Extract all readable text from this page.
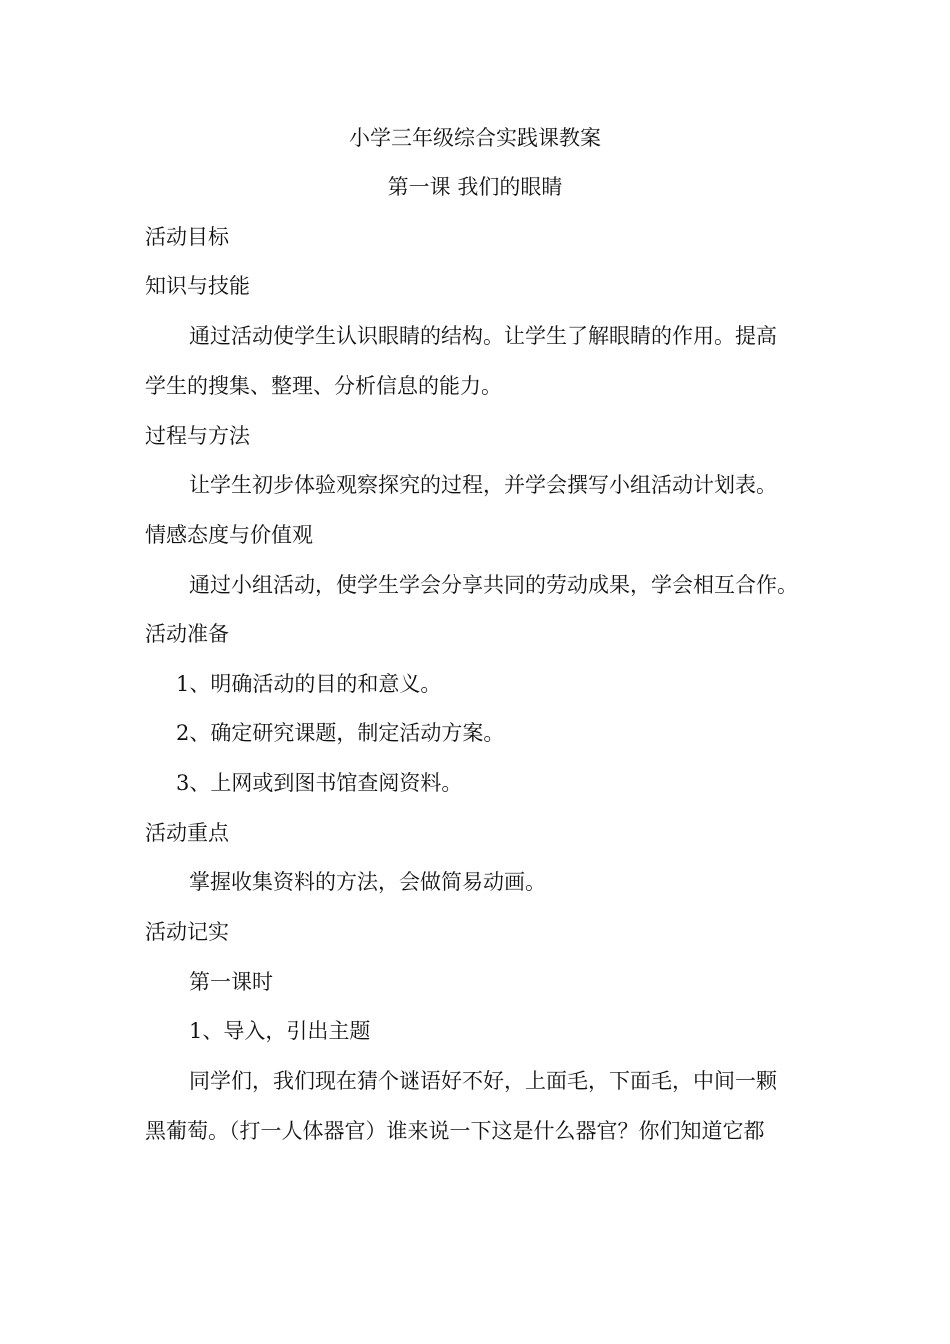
小学三年级综合实践课教案
第一课 我们的眼睛
活动目标
知识与技能
通过活动使学生认识眼睛的结构。让学生了解眼睛的作用。提高
学生的搜集、整理、分析信息的能力。
过程与方法
让学生初步体验观察探究的过程，并学会撰写小组活动计划表。
情感态度与价值观
通过小组活动，使学生学会分享共同的劳动成果，学会相互合作。
活动准备
1、明确活动的目的和意义。
2、确定研究课题，制定活动方案。
3、上网或到图书馆查阅资料。
活动重点
掌握收集资料的方法，会做简易动画。
活动记实
第一课时
1、导入，引出主题
同学们，我们现在猜个谜语好不好，上面毛，下面毛，中间一颗
黑葡萄。（打一人体器官）谁来说一下这是什么器官？你们知道它都
